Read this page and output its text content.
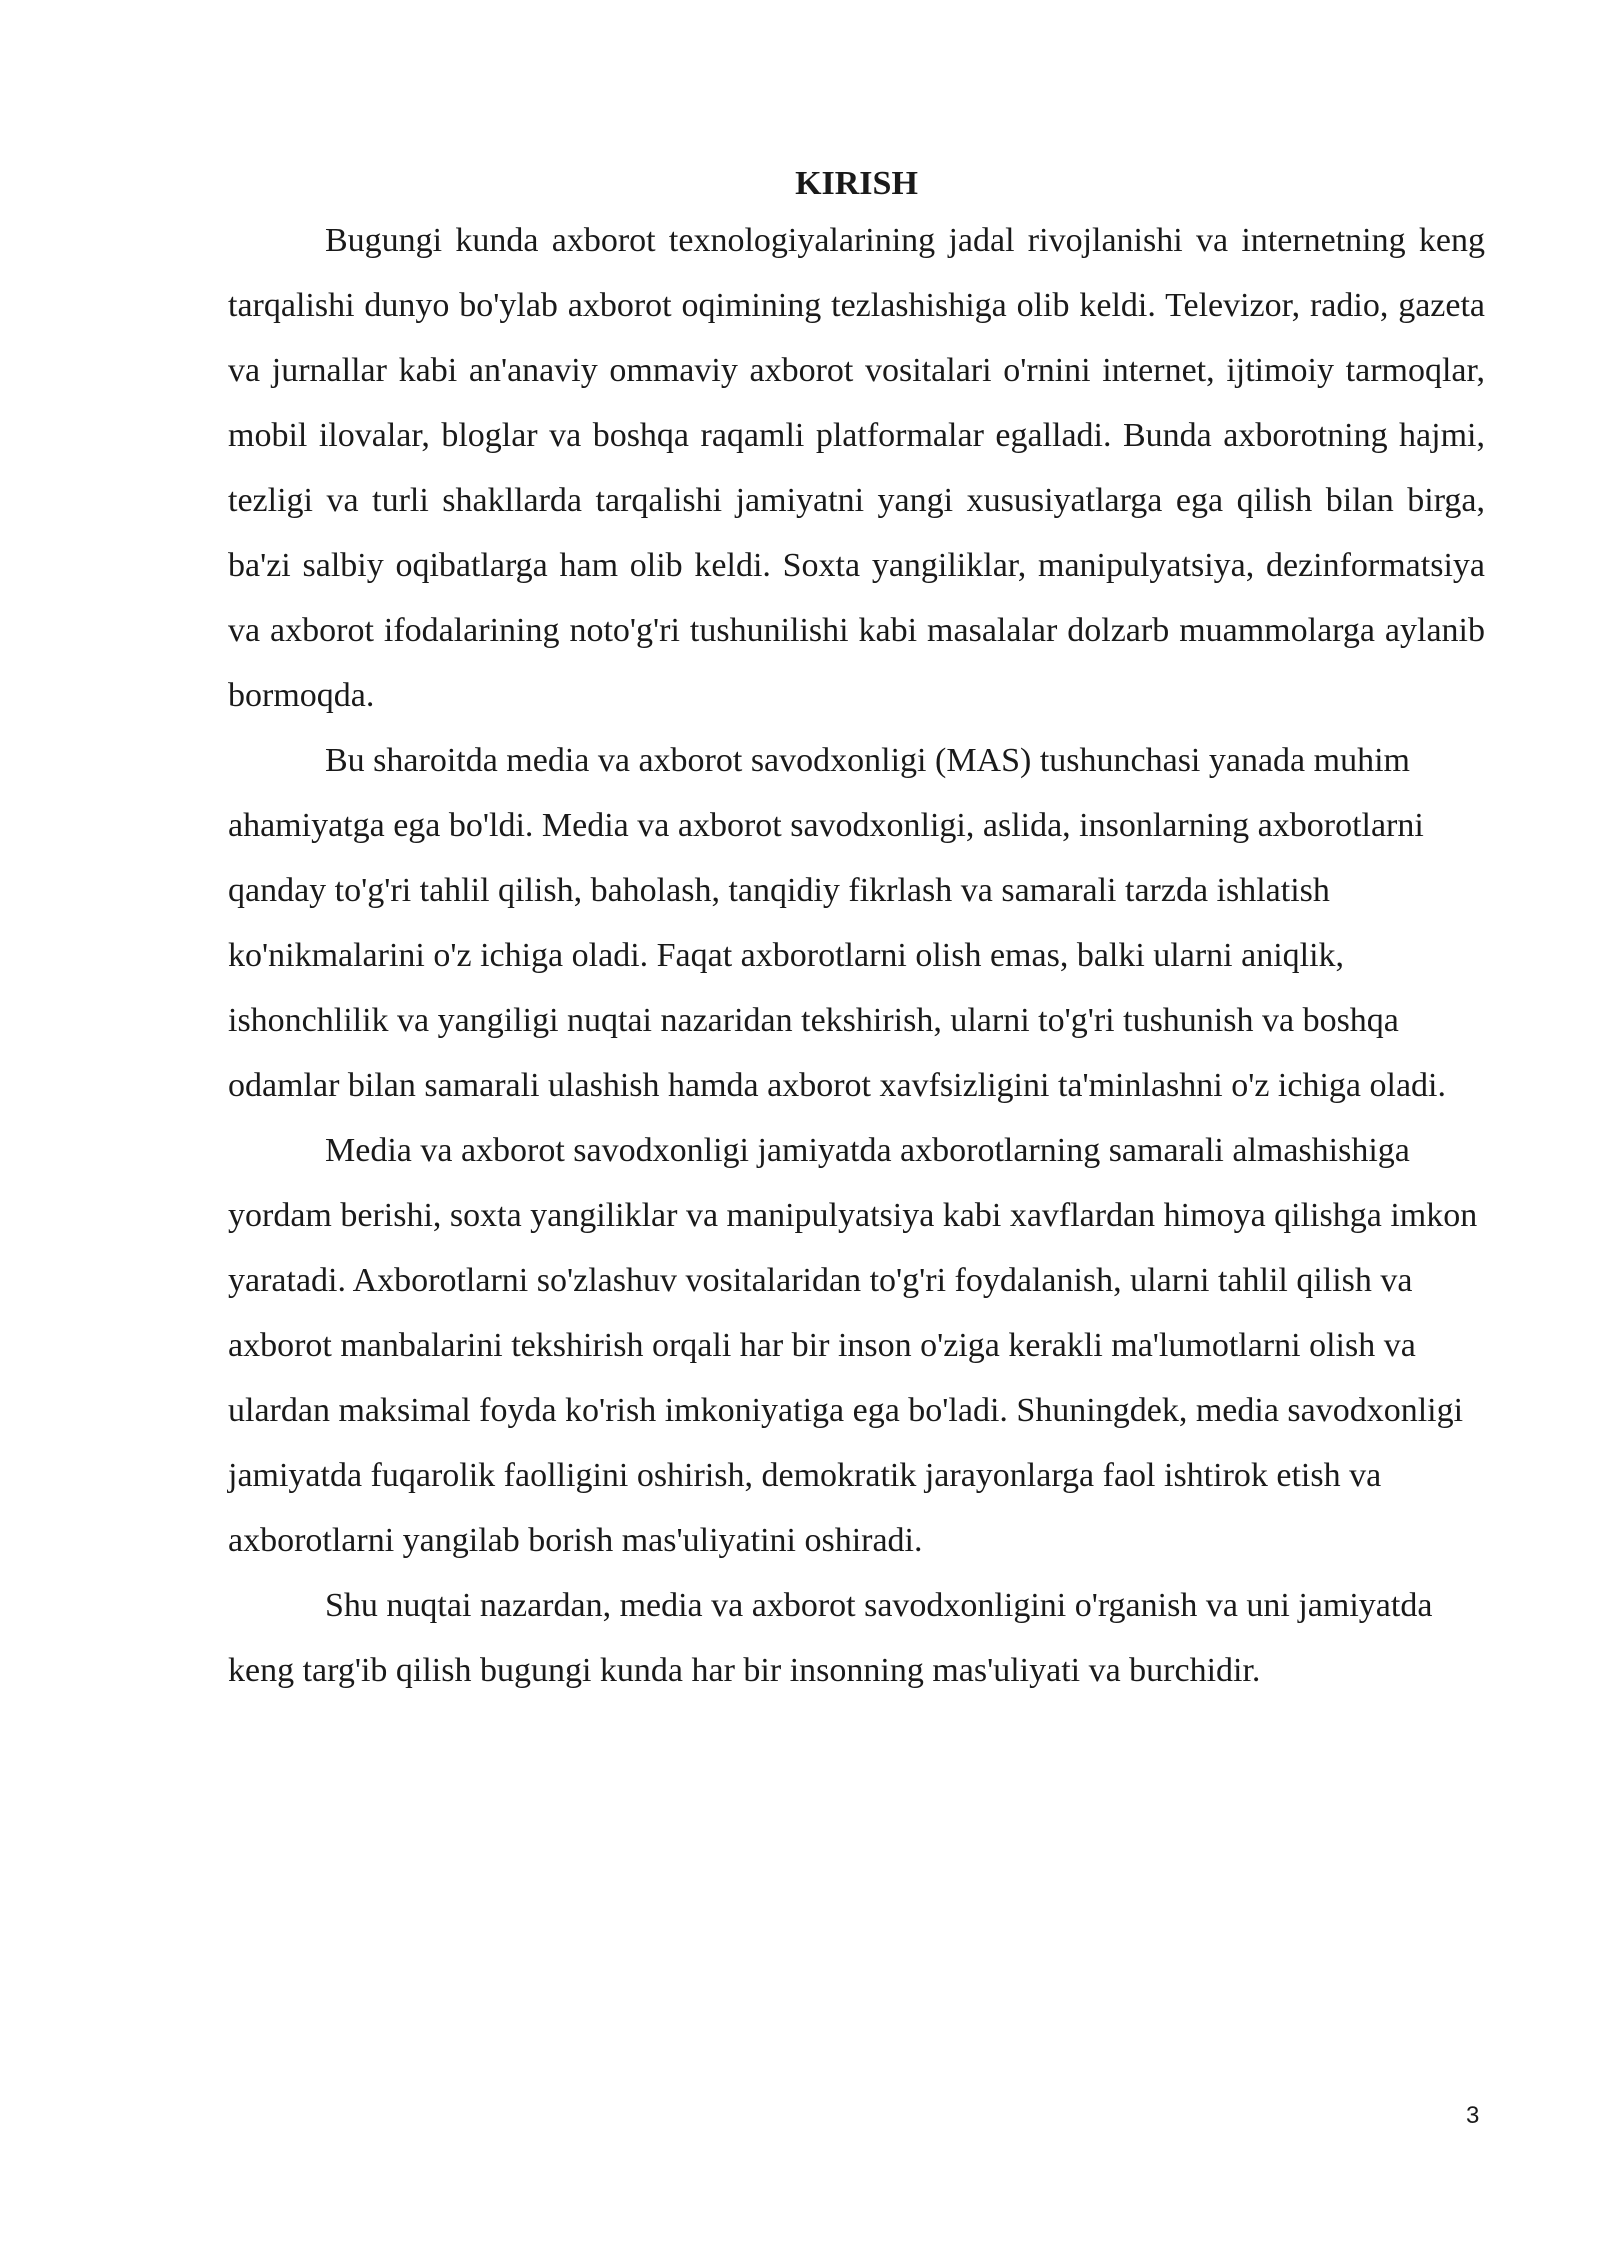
KIRISH

Bugungi kunda axborot texnologiyalarining jadal rivojlanishi va internetning keng tarqalishi dunyo bo'ylab axborot oqimining tezlashishiga olib keldi. Televizor, radio, gazeta va jurnallar kabi an'anaviy ommaviy axborot vositalari o'rnini internet, ijtimoiy tarmoqlar, mobil ilovalar, bloglar va boshqa raqamli platformalar egalladi. Bunda axborotning hajmi, tezligi va turli shakllarda tarqalishi jamiyatni yangi xususiyatlarga ega qilish bilan birga, ba'zi salbiy oqibatlarga ham olib keldi. Soxta yangiliklar, manipulyatsiya, dezinformatsiya va axborot ifodalarining noto'g'ri tushunilishi kabi masalalar dolzarb muammolarga aylanib bormoqda.

Bu sharoitda media va axborot savodxonligi (MAS) tushunchasi yanada muhim ahamiyatga ega bo'ldi. Media va axborot savodxonligi, aslida, insonlarning axborotlarni qanday to'g'ri tahlil qilish, baholash, tanqidiy fikrlash va samarali tarzda ishlatish ko'nikmalarini o'z ichiga oladi. Faqat axborotlarni olish emas, balki ularni aniqlik, ishonchlilik va yangiligi nuqtai nazaridan tekshirish, ularni to'g'ri tushunish va boshqa odamlar bilan samarali ulashish hamda axborot xavfsizligini ta'minlashni o'z ichiga oladi.

Media va axborot savodxonligi jamiyatda axborotlarning samarali almashishiga yordam berishi, soxta yangiliklar va manipulyatsiya kabi xavflardan himoya qilishga imkon yaratadi. Axborotlarni so'zlashuv vositalaridan to'g'ri foydalanish, ularni tahlil qilish va axborot manbalarini tekshirish orqali har bir inson o'ziga kerakli ma'lumotlarni olish va ulardan maksimal foyda ko'rish imkoniyatiga ega bo'ladi. Shuningdek, media savodxonligi jamiyatda fuqarolik faolligini oshirish, demokratik jarayonlarga faol ishtirok etish va axborotlarni yangilab borish mas'uliyatini oshiradi.

Shu nuqtai nazardan, media va axborot savodxonligini o'rganish va uni jamiyatda keng targ'ib qilish bugungi kunda har bir insonning mas'uliyati va burchidir.

3
